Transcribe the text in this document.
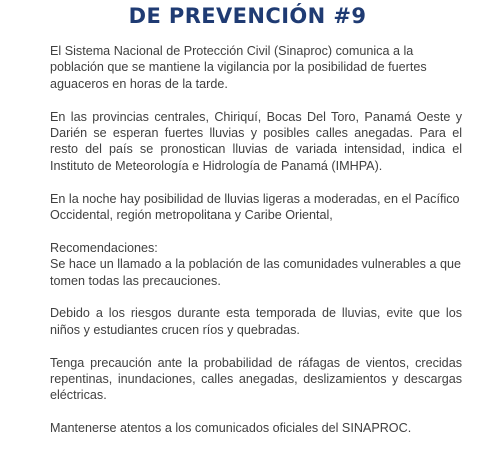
DE PREVENCIÓN #9

El Sistema Nacional de Protección Civil (Sinaproc) comunica a la población que se mantiene la vigilancia por la posibilidad de fuertes aguaceros en horas de la tarde.

En las provincias centrales, Chiriquí, Bocas Del Toro, Panamá Oeste y Darién se esperan fuertes lluvias y posibles calles anegadas. Para el resto del país se pronostican lluvias de variada intensidad, indica el Instituto de Meteorología e Hidrología de Panamá (IMHPA).

En la noche hay posibilidad de lluvias ligeras a moderadas, en el Pacífico Occidental, región metropolitana y Caribe Oriental,

Recomendaciones:

Se hace un llamado a la población de las comunidades vulnerables a que tomen todas las precauciones.

Debido a los riesgos durante esta temporada de lluvias, evite que los niños y estudiantes crucen ríos y quebradas.

Tenga precaución ante la probabilidad de ráfagas de vientos, crecidas repentinas, inundaciones, calles anegadas, deslizamientos y descargas eléctricas.

Mantenerse atentos a los comunicados oficiales del SINAPROC.
